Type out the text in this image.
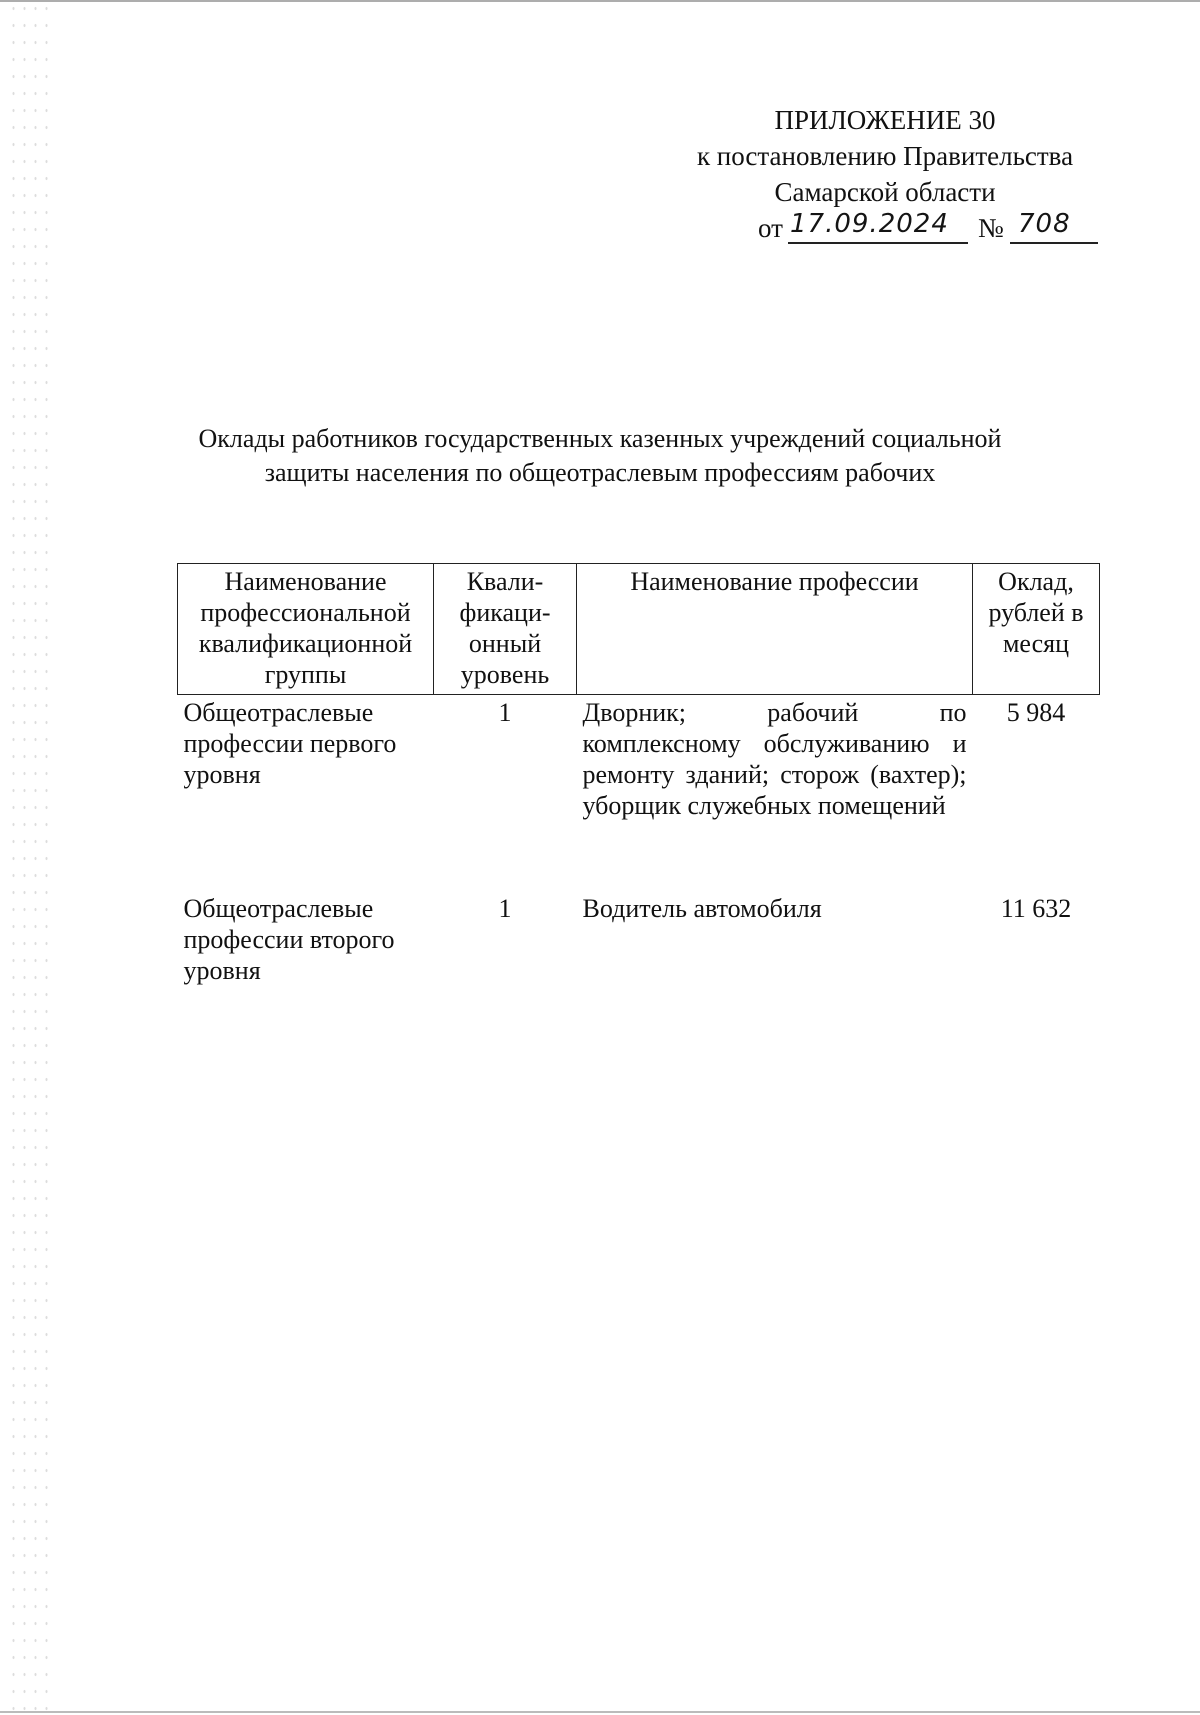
ПРИЛОЖЕНИЕ 30
к постановлению Правительства
Самарской области
от 17.09.2024 № 708
Оклады работников государственных казенных учреждений социальной
защиты населения по общеотраслевым профессиям рабочих
Наименование профессиональной квалификационной группы	Квали-фикаци-онный уровень	Наименование профессии	Оклад, рублей в месяц
Общеотраслевые профессии первого уровня	1	Дворник; рабочий по комплексному обслуживанию и ремонту зданий; сторож (вахтер); уборщик служебных помещений	5 984
Общеотраслевые профессии второго уровня	1	Водитель автомобиля	11 632
